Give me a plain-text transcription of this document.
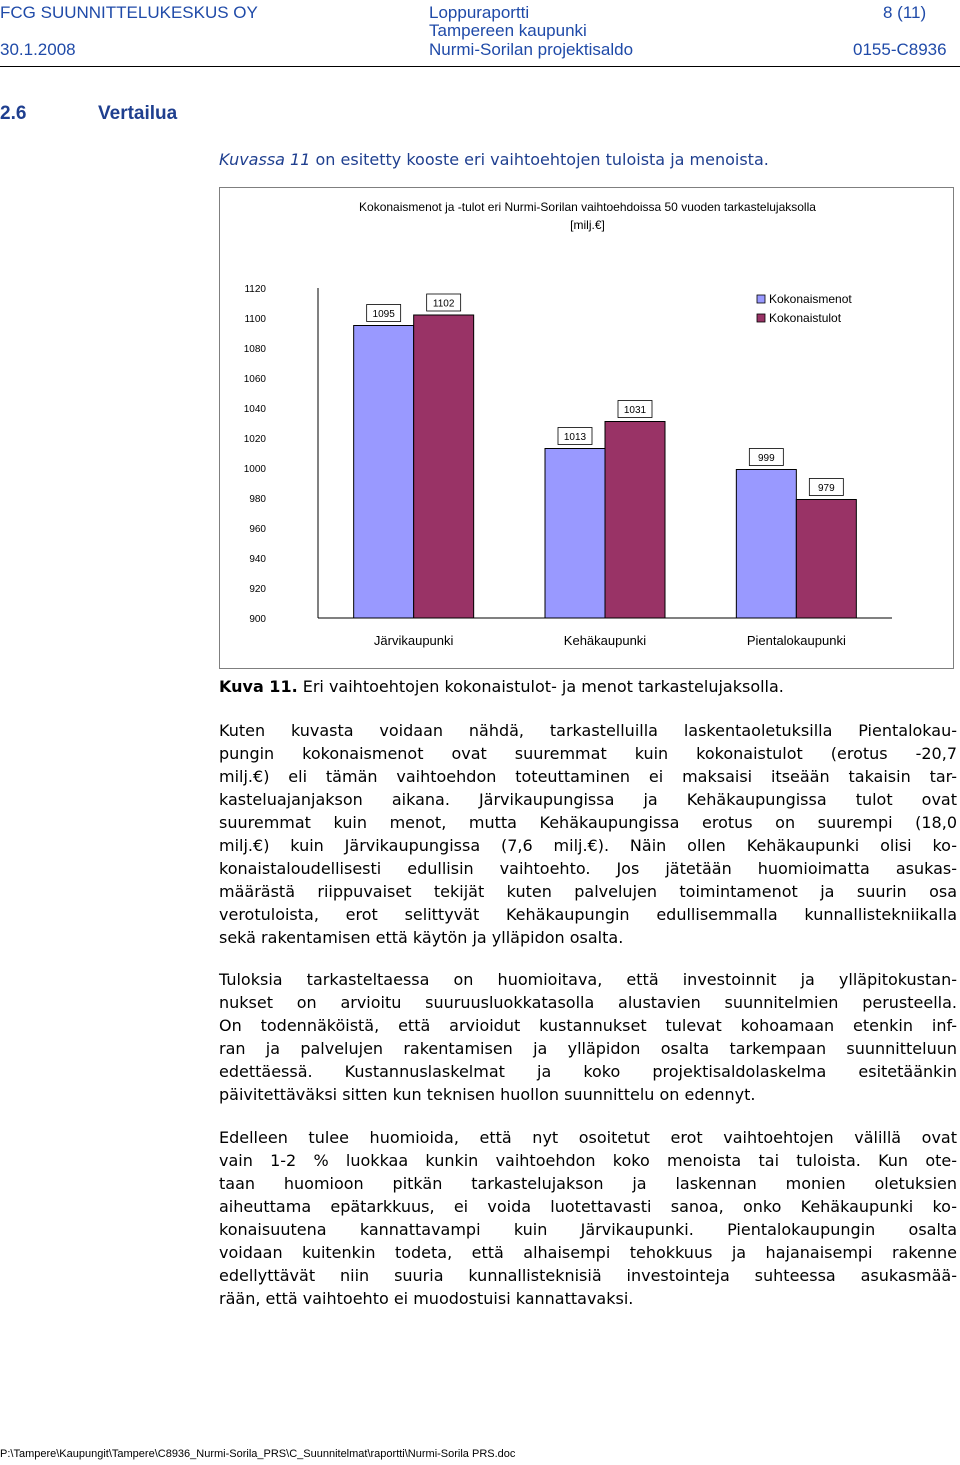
FCG SUUNNITTELUKESKUS OY
30.1.2008
Loppuraportti
Tampereen kaupunki
Nurmi-Sorilan projektisaldo
8 (11)
0155-C8936
2.6	Vertailua
Kuvassa 11 on esitetty kooste eri vaihtoehtojen tuloista ja menoista.
Kokonaismenot ja -tulot eri Nurmi-Sorilan vaihtoehdoissa 50 vuoden tarkastelujaksolla
[milj.€]
1120
1100
1080
1060
1040
1020
1000
980
960
940
920
900
1095
1102
Järvikaupunki
1013
1031
Kehäkaupunki
999
979
Pientalokaupunki
Kokonaismenot
Kokonaistulot
Kuva 11. Eri vaihtoehtojen kokonaistulot- ja menot tarkastelujaksolla.
Kuten kuvasta voidaan nähdä, tarkastelluilla laskentaoletuksilla Pientalokau-
pungin kokonaismenot ovat suuremmat kuin kokonaistulot (erotus -20,7
milj.€) eli tämän vaihtoehdon toteuttaminen ei maksaisi itseään takaisin tar-
kasteluajanjakson aikana. Järvikaupungissa ja Kehäkaupungissa tulot ovat
suuremmat kuin menot, mutta Kehäkaupungissa erotus on suurempi (18,0
milj.€) kuin Järvikaupungissa (7,6 milj.€). Näin ollen Kehäkaupunki olisi ko-
konaistaloudellisesti edullisin vaihtoehto. Jos jätetään huomioimatta asukas-
määrästä riippuvaiset tekijät kuten palvelujen toimintamenot ja suurin osa
verotuloista, erot selittyvät Kehäkaupungin edullisemmalla kunnallistekniikalla
sekä rakentamisen että käytön ja ylläpidon osalta.
Tuloksia tarkasteltaessa on huomioitava, että investoinnit ja ylläpitokustan-
nukset on arvioitu suuruusluokkatasolla alustavien suunnitelmien perusteella.
On todennäköistä, että arvioidut kustannukset tulevat kohoamaan etenkin inf-
ran ja palvelujen rakentamisen ja ylläpidon osalta tarkempaan suunnitteluun
edettäessä. Kustannuslaskelmat ja koko projektisaldolaskelma esitetäänkin
päivitettäväksi sitten kun teknisen huollon suunnittelu on edennyt.
Edelleen tulee huomioida, että nyt osoitetut erot vaihtoehtojen välillä ovat
vain 1-2 % luokkaa kunkin vaihtoehdon koko menoista tai tuloista. Kun ote-
taan huomioon pitkän tarkastelujakson ja laskennan monien oletuksien
aiheuttama epätarkkuus, ei voida luotettavasti sanoa, onko Kehäkaupunki ko-
konaisuutena kannattavampi kuin Järvikaupunki. Pientalokaupungin osalta
voidaan kuitenkin todeta, että alhaisempi tehokkuus ja hajanaisempi rakenne
edellyttävät niin suuria kunnallisteknisiä investointeja suhteessa asukasmää-
rään, että vaihtoehto ei muodostuisi kannattavaksi.
P:\Tampere\Kaupungit\Tampere\C8936_Nurmi-Sorila_PRS\C_Suunnitelmat\raportti\Nurmi-Sorila PRS.doc
